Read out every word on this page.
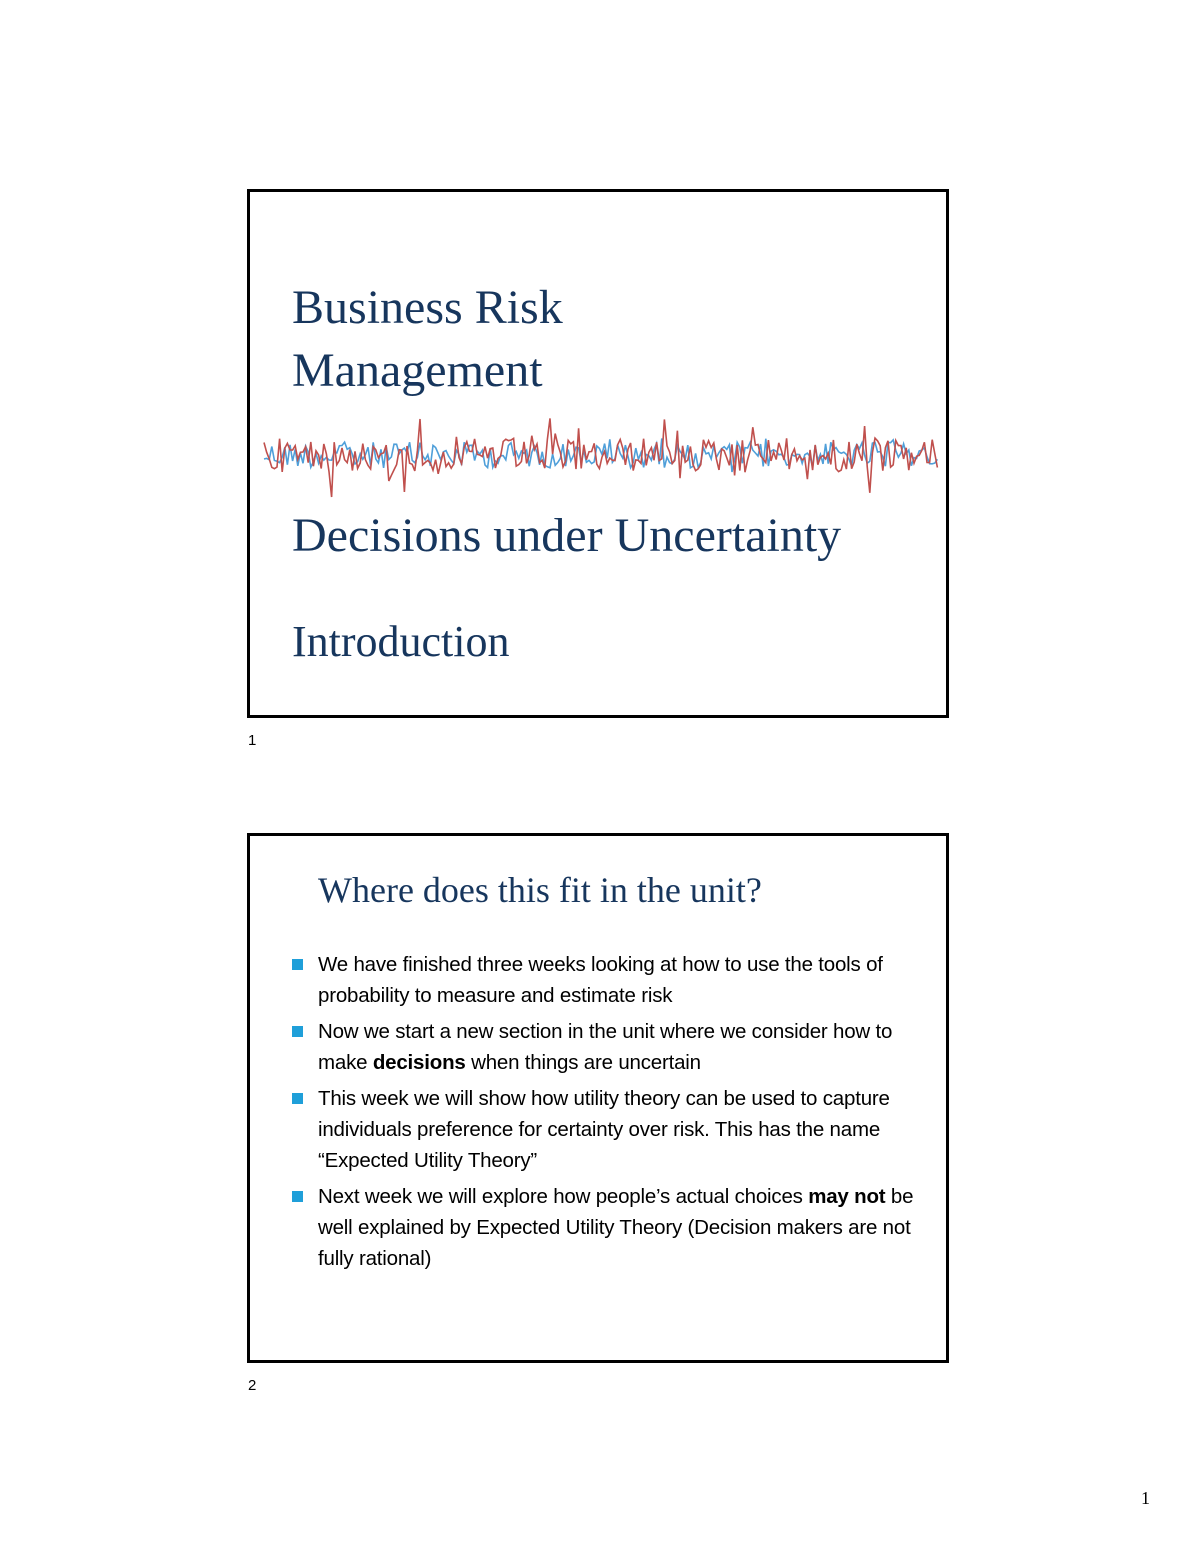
Business Risk
Management
Decisions under Uncertainty
Introduction
1
Where does this fit in the unit?
We have finished three weeks looking at how to use the tools of probability to measure and estimate risk
Now we start a new section in the unit where we consider how to make decisions when things are uncertain
This week we will show how utility theory can be used to capture individuals preference for certainty over risk. This has the name “Expected Utility Theory”
Next week we will explore how people’s actual choices may not be well explained by Expected Utility Theory (Decision makers are not fully rational)
2
1
